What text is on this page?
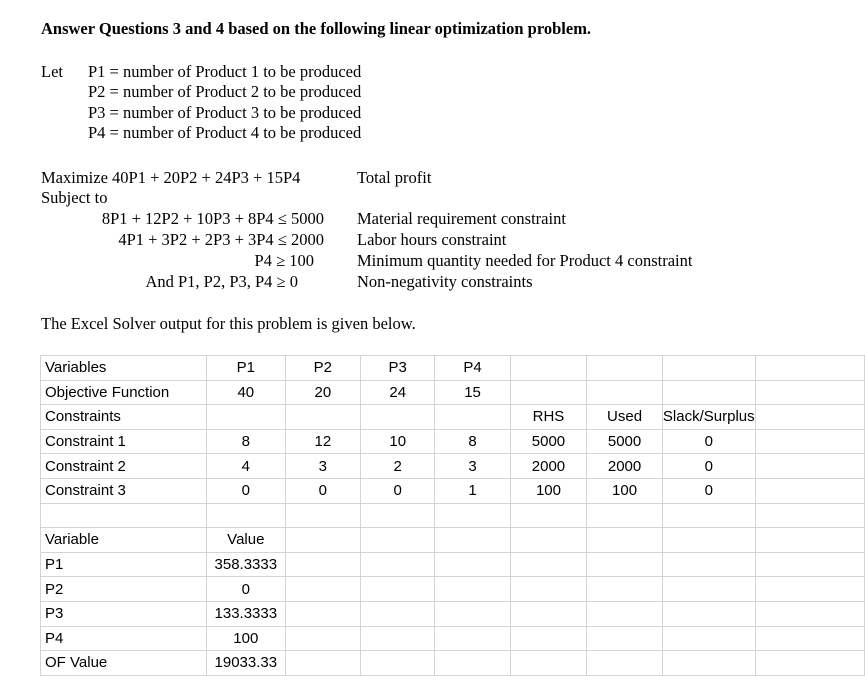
Answer Questions 3 and 4 based on the following linear optimization problem.
Let P1 = number of Product 1 to be produced
P2 = number of Product 2 to be produced
P3 = number of Product 3 to be produced
P4 = number of Product 4 to be produced
Maximize 40P1 + 20P2 + 24P3 + 15P4	Total profit
Subject to
8P1 + 12P2 + 10P3 + 8P4 ≤ 5000 Material requirement constraint
4P1 + 3P2 + 2P3 + 3P4 ≤ 2000 Labor hours constraint
P4 ≥ 100	Minimum quantity needed for Product 4 constraint
And P1, P2, P3, P4 ≥ 0	Non-negativity constraints
The Excel Solver output for this problem is given below.
Variables	P1	P2	P3	P4				
Objective Function	40	20	24	15				
Constraints					RHS	Used	Slack/Surplus	
Constraint 1	8	12	10	8	5000	5000	0	
Constraint 2	4	3	2	3	2000	2000	0	
Constraint 3	0	0	0	1	100	100	0	

Variable	Value							
P1	358.3333							
P2	0							
P3	133.3333							
P4	100							
OF Value	19033.33							
